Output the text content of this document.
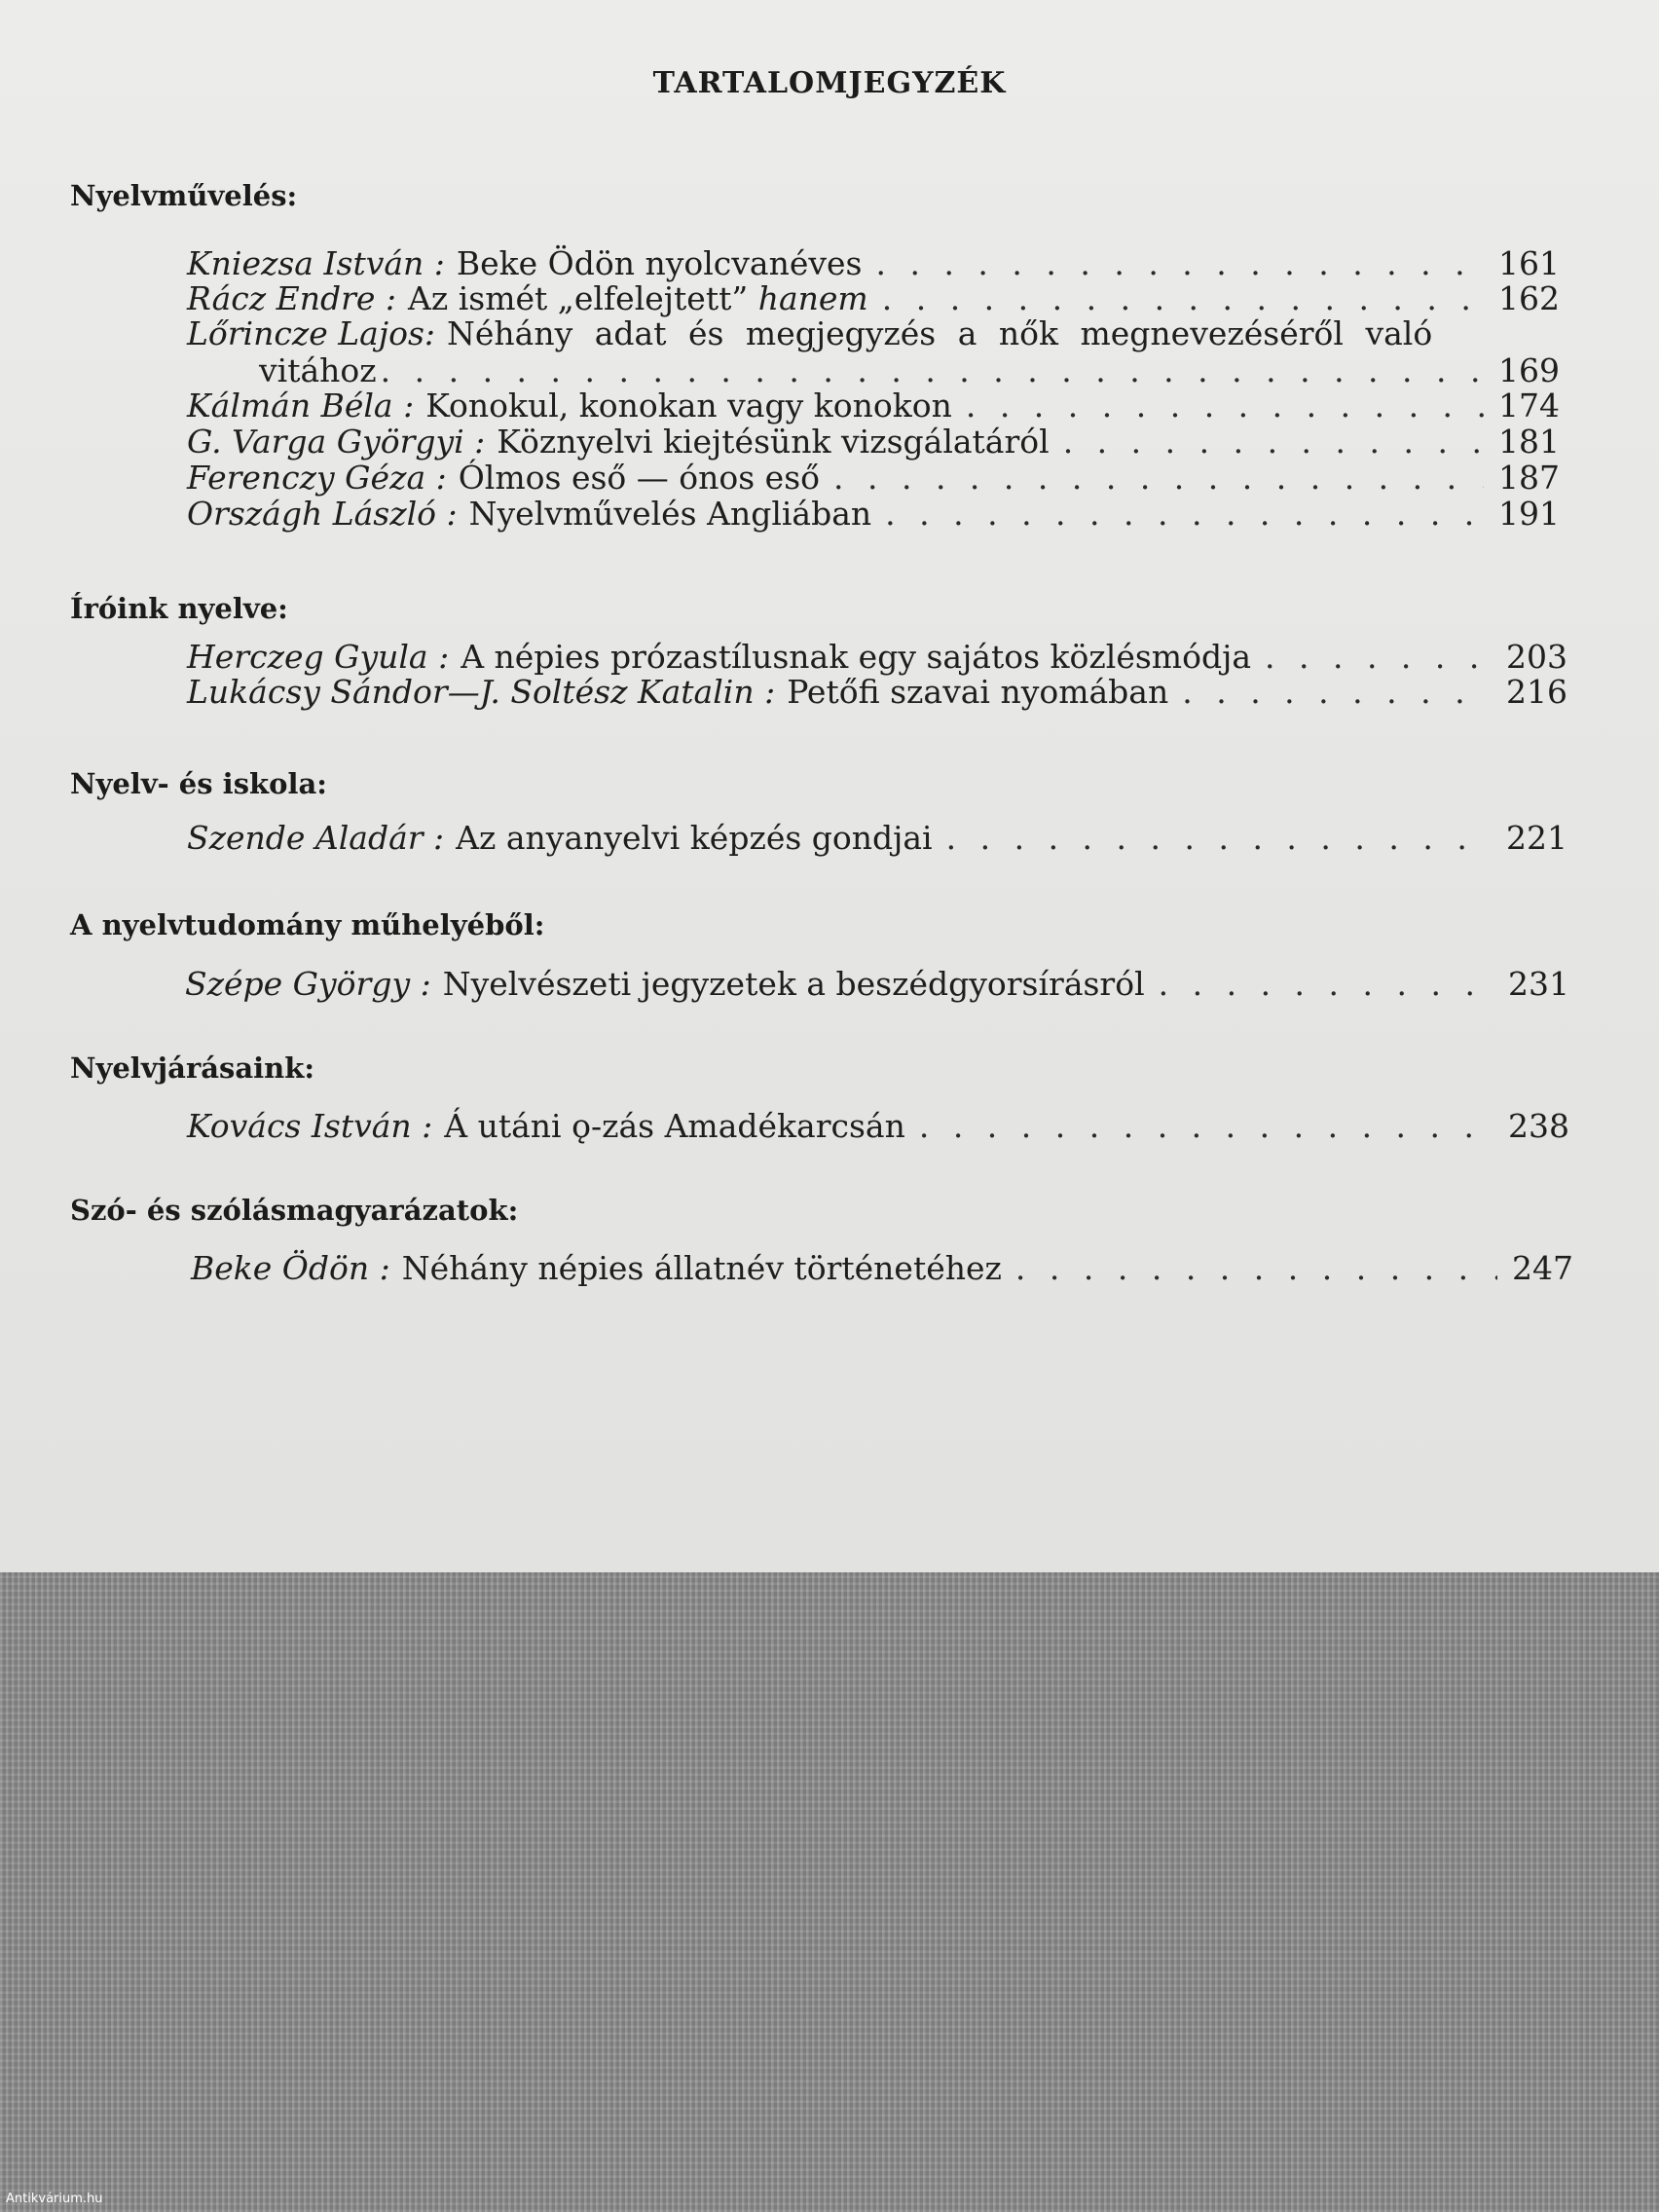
TARTALOMJEGYZÉK
Nyelvművelés:
Kniezsa István : Beke Ödön nyolcvanéves . . .	161
Rácz Endre : Az ismét „elfelejtett” hanem . . .	162
Lőrincze Lajos: Néhány adat és megjegyzés a nők megnevezéséről való
vitához . . .	169
Kálmán Béla : Konokul, konokan vagy konokon . . .	174
G. Varga Györgyi : Köznyelvi kiejtésünk vizsgálatáról . . .	181
Ferenczy Géza : Ólmos eső — ónos eső . . .	187
Országh László : Nyelvművelés Angliában . . .	191
Íróink nyelve:
Herczeg Gyula : A népies prózastílusnak egy sajátos közlésmódja . . .	203
Lukácsy Sándor—J. Soltész Katalin : Petőfi szavai nyomában . . .	216
Nyelv- és iskola:
Szende Aladár : Az anyanyelvi képzés gondjai . . .	221
A nyelvtudomány műhelyéből:
Szépe György : Nyelvészeti jegyzetek a beszédgyorsírásról . . .	231
Nyelvjárásaink:
Kovács István : Á utáni ǫ-zás Amadékarcsán . . .	238
Szó- és szólásmagyarázatok:
Beke Ödön : Néhány népies állatnév történetéhez . . .	247
Antikvárium.hu
